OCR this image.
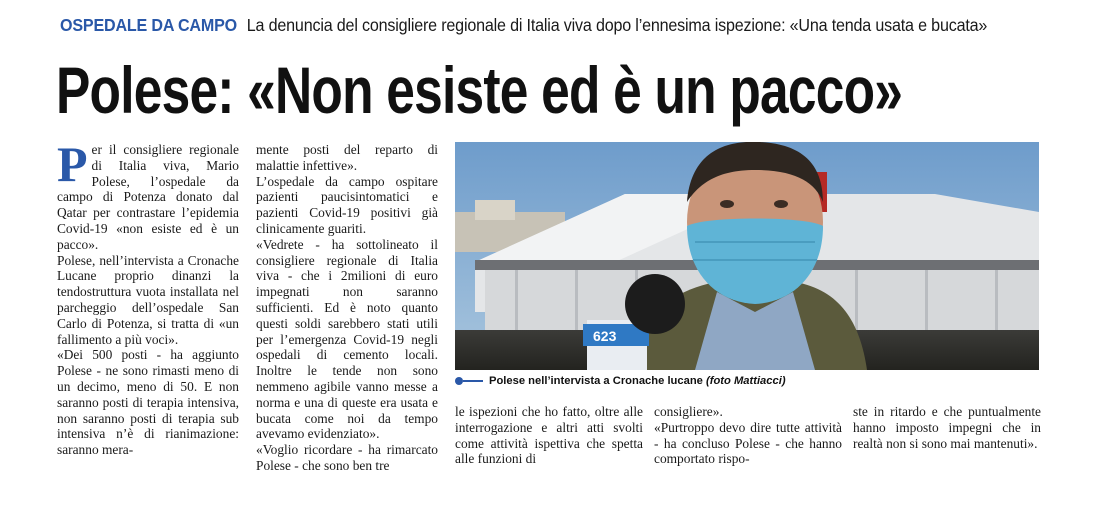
OSPEDALE DA CAMPO La denuncia del consigliere regionale di Italia viva dopo l’ennesima ispezione: «Una tenda usata e bucata»
Polese: «Non esiste ed è un pacco»
P er il consigliere regionale di Italia viva, Mario Polese, l’ospedale da campo di Potenza donato dal Qatar per contrastare l’epidemia Covid-19 «non esiste ed è un pacco».

Polese, nell’intervista a Cronache Lucane proprio dinanzi la tendostruttura vuota installata nel parcheggio dell’ospedale San Carlo di Potenza, si tratta di «un fallimento a più voci».

«Dei 500 posti - ha aggiunto Polese - ne sono rimasti meno di un decimo, meno di 50. E non saranno posti di terapia intensiva, non saranno posti di terapia sub intensiva n’è di rianimazione: saranno mera-

mente posti del reparto di malattie infettive».

L’ospedale da campo ospitare pazienti paucisintomatici e pazienti Covid-19 positivi già clinicamente guariti.

«Vedrete - ha sottolineato il consigliere regionale di Italia viva - che i 2milioni di euro impegnati non saranno sufficienti. Ed è noto quanto questi soldi sarebbero stati utili per l’emergenza Covid-19 negli ospedali di cemento locali. Inoltre le tende non sono nemmeno agibile vanno messe a norma e una di queste era usata e bucata come noi da tempo avevamo evidenziato».

«Voglio ricordare - ha rimarcato Polese - che sono ben tre

623
Polese nell’intervista a Cronache lucane (foto Mattiacci)

le ispezioni che ho fatto, oltre alle interrogazione e altri atti svolti come attività ispettiva che spetta alle funzioni di

consigliere».

«Purtroppo devo dire tutte attività - ha concluso Polese - che hanno comportato rispo-

ste in ritardo e che puntualmente hanno imposto impegni che in realtà non si sono mai mantenuti».
